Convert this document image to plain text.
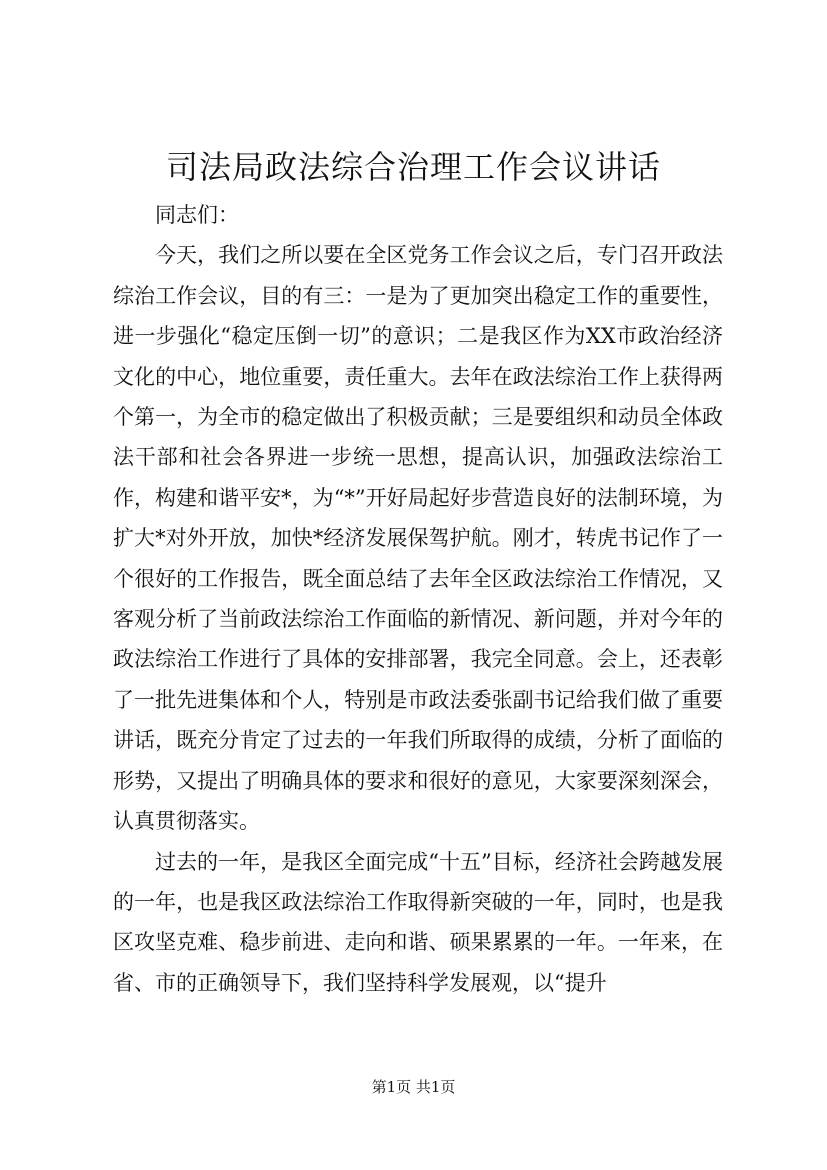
司法局政法综合治理工作会议讲话

同志们：

今天，我们之所以要在全区党务工作会议之后，专门召开政法综治工作会议，目的有三：一是为了更加突出稳定工作的重要性，进一步强化“稳定压倒一切”的意识；二是我区作为XX市政治经济文化的中心，地位重要，责任重大。去年在政法综治工作上获得两个第一，为全市的稳定做出了积极贡献；三是要组织和动员全体政法干部和社会各界进一步统一思想，提高认识，加强政法综治工作，构建和谐平安*，为“*”开好局起好步营造良好的法制环境，为扩大*对外开放，加快*经济发展保驾护航。刚才，转虎书记作了一个很好的工作报告，既全面总结了去年全区政法综治工作情况，又客观分析了当前政法综治工作面临的新情况、新问题，并对今年的政法综治工作进行了具体的安排部署，我完全同意。会上，还表彰了一批先进集体和个人，特别是市政法委张副书记给我们做了重要讲话，既充分肯定了过去的一年我们所取得的成绩，分析了面临的形势，又提出了明确具体的要求和很好的意见，大家要深刻深会，认真贯彻落实。

过去的一年，是我区全面完成“十五”目标，经济社会跨越发展的一年，也是我区政法综治工作取得新突破的一年，同时，也是我区攻坚克难、稳步前进、走向和谐、硕果累累的一年。一年来，在省、市的正确领导下，我们坚持科学发展观，以“提升

第1页 共1页
